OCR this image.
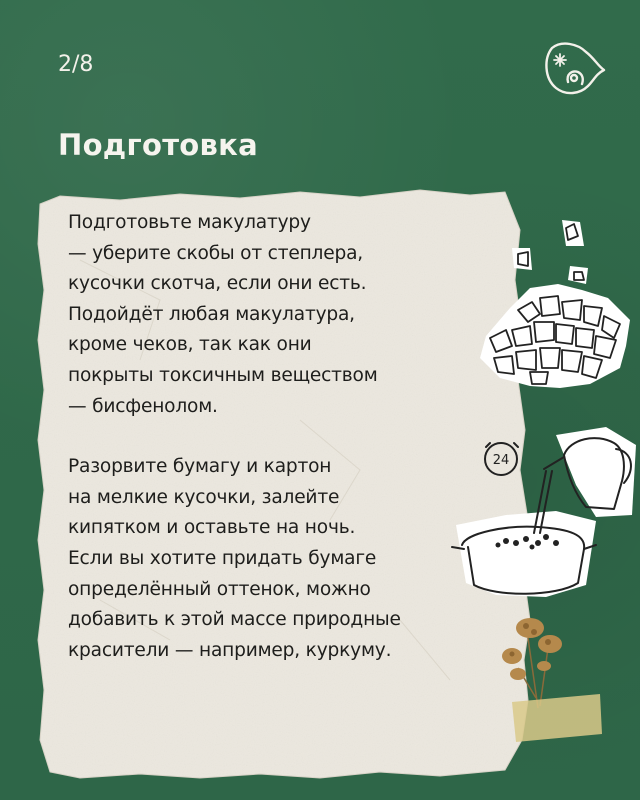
2/8
Подготовка

Подготовьте макулатуру
— уберите скобы от степлера,
кусочки скотча, если они есть.
Подойдёт любая макулатура,
кроме чеков, так как они
покрыты токсичным веществом
— бисфенолом.

Разорвите бумагу и картон
на мелкие кусочки, залейте
кипятком и оставьте на ночь.
Если вы хотите придать бумаге
определённый оттенок, можно
добавить к этой массе природные
красители — например, куркуму.

24
